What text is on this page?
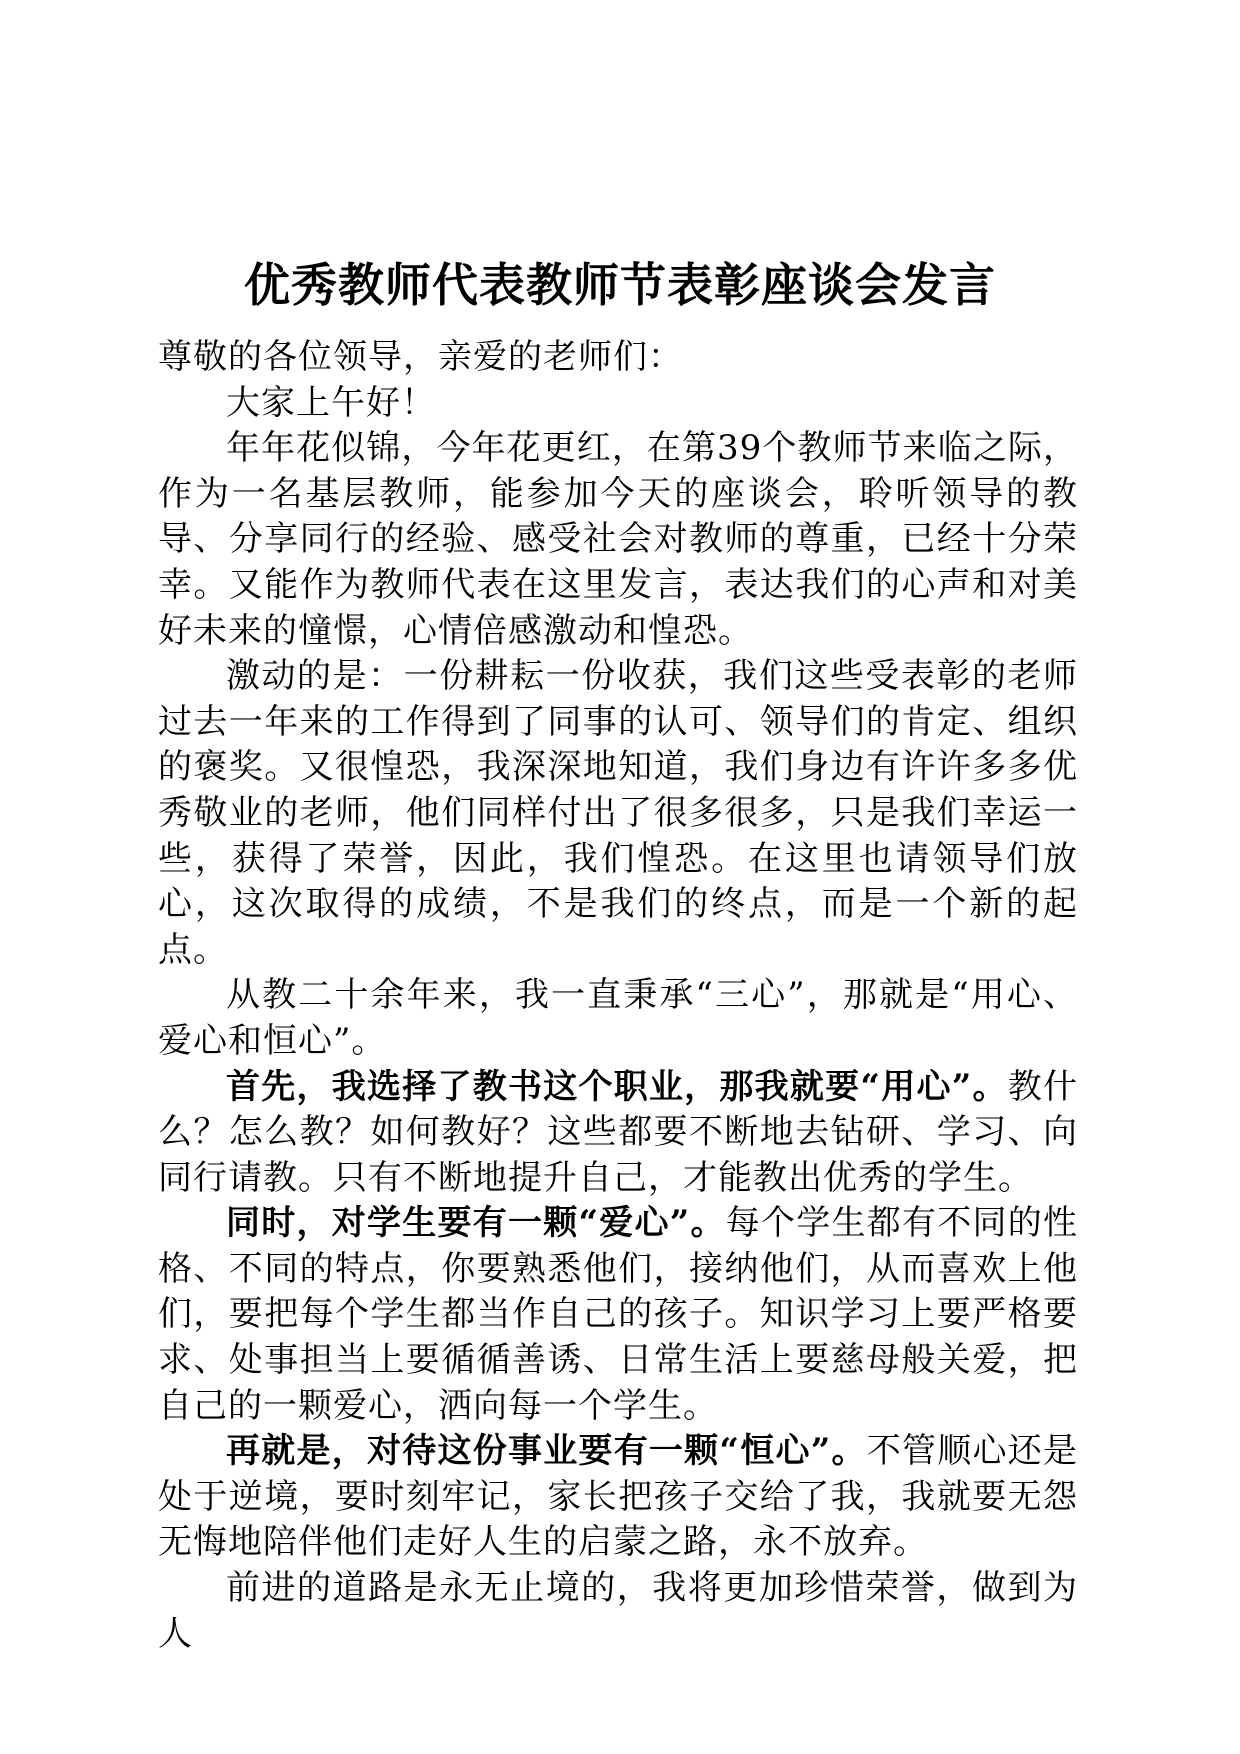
优秀教师代表教师节表彰座谈会发言

尊敬的各位领导，亲爱的老师们：

大家上午好！

年年花似锦，今年花更红，在第39个教师节来临之际，作为一名基层教师，能参加今天的座谈会，聆听领导的教导、分享同行的经验、感受社会对教师的尊重，已经十分荣幸。又能作为教师代表在这里发言，表达我们的心声和对美好未来的憧憬，心情倍感激动和惶恐。

激动的是：一份耕耘一份收获，我们这些受表彰的老师过去一年来的工作得到了同事的认可、领导们的肯定、组织的褒奖。又很惶恐，我深深地知道，我们身边有许许多多优秀敬业的老师，他们同样付出了很多很多，只是我们幸运一些，获得了荣誉，因此，我们惶恐。在这里也请领导们放心，这次取得的成绩，不是我们的终点，而是一个新的起点。

从教二十余年来，我一直秉承“三心”，那就是“用心、爱心和恒心”。

首先，我选择了教书这个职业，那我就要“用心”。教什么？怎么教？如何教好？这些都要不断地去钻研、学习、向同行请教。只有不断地提升自己，才能教出优秀的学生。

同时，对学生要有一颗“爱心”。每个学生都有不同的性格、不同的特点，你要熟悉他们，接纳他们，从而喜欢上他们，要把每个学生都当作自己的孩子。知识学习上要严格要求、处事担当上要循循善诱、日常生活上要慈母般关爱，把自己的一颗爱心，洒向每一个学生。

再就是，对待这份事业要有一颗“恒心”。不管顺心还是处于逆境，要时刻牢记，家长把孩子交给了我，我就要无怨无悔地陪伴他们走好人生的启蒙之路，永不放弃。

前进的道路是永无止境的，我将更加珍惜荣誉，做到为人
